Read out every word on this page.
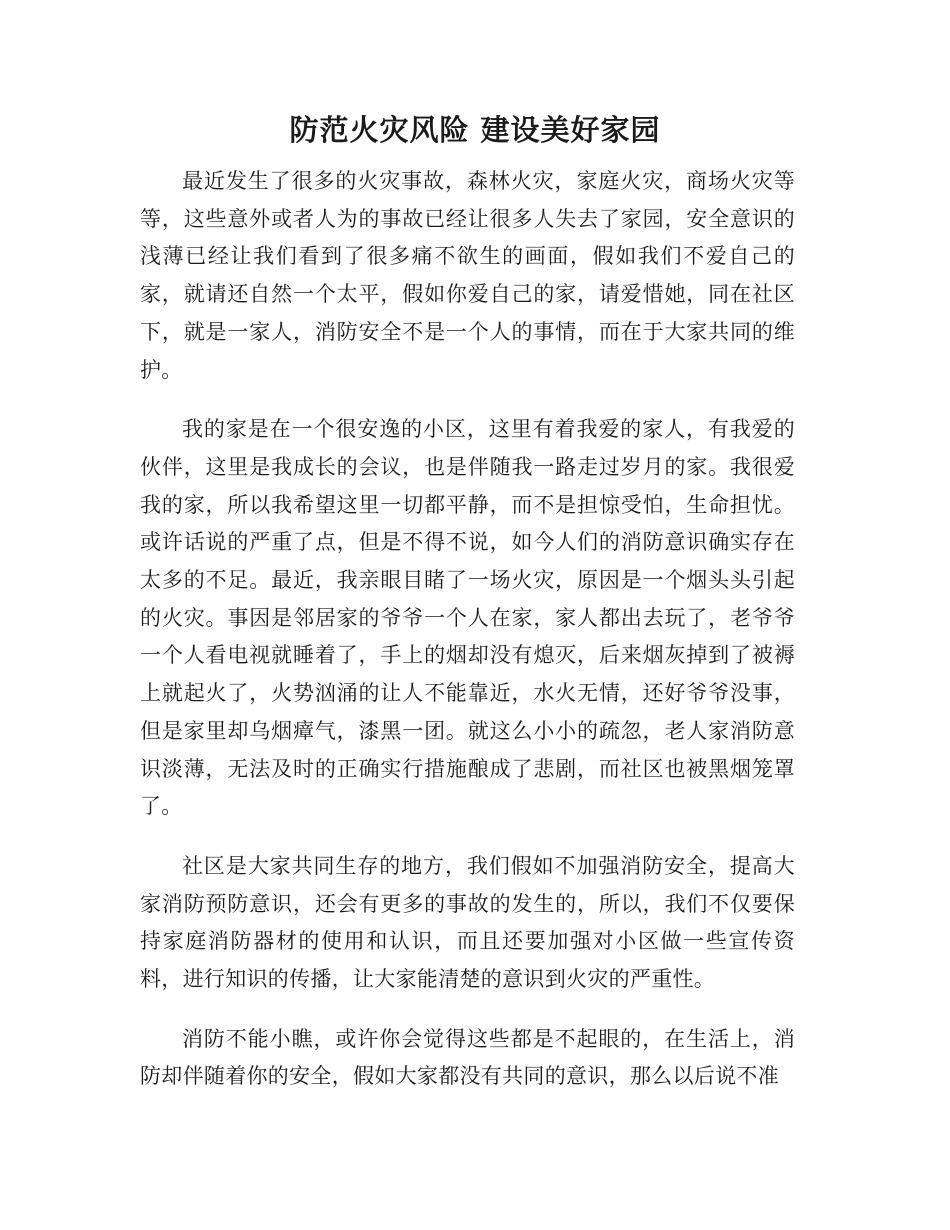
防范火灾风险 建设美好家园
最近发生了很多的火灾事故，森林火灾，家庭火灾，商场火灾等
等，这些意外或者人为的事故已经让很多人失去了家园，安全意识的
浅薄已经让我们看到了很多痛不欲生的画面，假如我们不爱自己的
家，就请还自然一个太平，假如你爱自己的家，请爱惜她，同在社区
下，就是一家人，消防安全不是一个人的事情，而在于大家共同的维
护。
我的家是在一个很安逸的小区，这里有着我爱的家人，有我爱的
伙伴，这里是我成长的会议，也是伴随我一路走过岁月的家。我很爱
我的家，所以我希望这里一切都平静，而不是担惊受怕，生命担忧。
或许话说的严重了点，但是不得不说，如今人们的消防意识确实存在
太多的不足。最近，我亲眼目睹了一场火灾，原因是一个烟头头引起
的火灾。事因是邻居家的爷爷一个人在家，家人都出去玩了，老爷爷
一个人看电视就睡着了，手上的烟却没有熄灭，后来烟灰掉到了被褥
上就起火了，火势汹涌的让人不能靠近，水火无情，还好爷爷没事，
但是家里却乌烟瘴气，漆黑一团。就这么小小的疏忽，老人家消防意
识淡薄，无法及时的正确实行措施酿成了悲剧，而社区也被黑烟笼罩
了。
社区是大家共同生存的地方，我们假如不加强消防安全，提高大
家消防预防意识，还会有更多的事故的发生的，所以，我们不仅要保
持家庭消防器材的使用和认识，而且还要加强对小区做一些宣传资
料，进行知识的传播，让大家能清楚的意识到火灾的严重性。
消防不能小瞧，或许你会觉得这些都是不起眼的，在生活上，消
防却伴随着你的安全，假如大家都没有共同的意识，那么以后说不准
